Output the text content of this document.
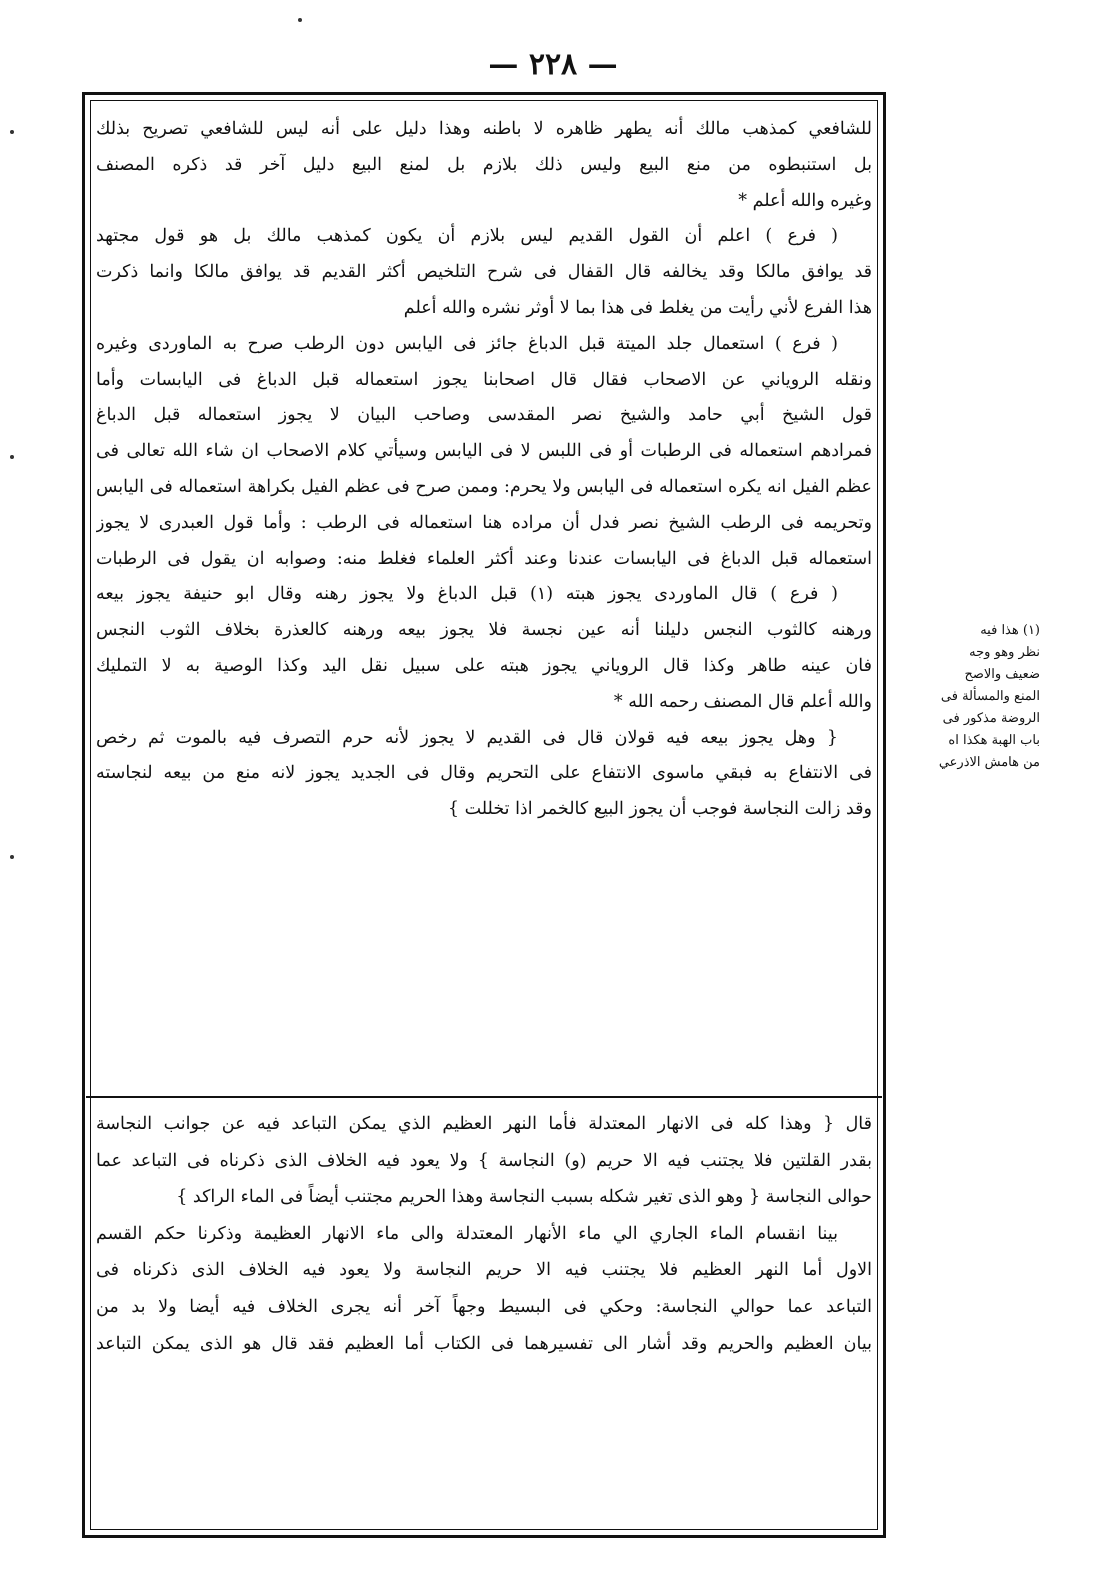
— ٢٢٨ —
للشافعي كمذهب مالك أنه يطهر ظاهره لا باطنه وهذا دليل على أنه ليس للشافعي تصريح بذلك
بل استنبطوه من منع البيع وليس ذلك بلازم بل لمنع البيع دليل آخر قد ذكره المصنف
وغيره والله أعلم *
( فرع ) اعلم أن القول القديم ليس بلازم أن يكون كمذهب مالك بل هو قول مجتهد
قد يوافق مالكا وقد يخالفه قال القفال فى شرح التلخيص أكثر القديم قد يوافق مالكا وانما ذكرت
هذا الفرع لأني رأيت من يغلط فى هذا بما لا أوثر نشره والله أعلم
( فرع ) استعمال جلد الميتة قبل الدباغ جائز فى اليابس دون الرطب صرح به الماوردى وغيره
ونقله الروياني عن الاصحاب فقال قال اصحابنا يجوز استعماله قبل الدباغ فى اليابسات وأما
قول الشيخ أبي حامد والشيخ نصر المقدسى وصاحب البيان لا يجوز استعماله قبل الدباغ
فمرادهم استعماله فى الرطبات أو فى اللبس لا فى اليابس وسيأتي كلام الاصحاب ان شاء الله تعالى فى
عظم الفيل انه يكره استعماله فى اليابس ولا يحرم: وممن صرح فى عظم الفيل بكراهة استعماله فى اليابس
وتحريمه فى الرطب الشيخ نصر فدل أن مراده هنا استعماله فى الرطب : وأما قول العبدرى لا يجوز
استعماله قبل الدباغ فى اليابسات عندنا وعند أكثر العلماء فغلط منه: وصوابه ان يقول فى الرطبات
( فرع ) قال الماوردى يجوز هبته (١) قبل الدباغ ولا يجوز رهنه وقال ابو حنيفة يجوز بيعه
ورهنه كالثوب النجس دليلنا أنه عين نجسة فلا يجوز بيعه ورهنه كالعذرة بخلاف الثوب النجس
فان عينه طاهر وكذا قال الروياني يجوز هبته على سبيل نقل اليد وكذا الوصية به لا التمليك
والله أعلم قال المصنف رحمه الله *
{ وهل يجوز بيعه فيه قولان قال فى القديم لا يجوز لأنه حرم التصرف فيه بالموت ثم رخص
فى الانتفاع به فبقي ماسوى الانتفاع على التحريم وقال فى الجديد يجوز لانه منع من بيعه لنجاسته
وقد زالت النجاسة فوجب أن يجوز البيع كالخمر اذا تخللت }
قال { وهذا كله فى الانهار المعتدلة فأما النهر العظيم الذي يمكن التباعد فيه عن جوانب النجاسة
بقدر القلتين فلا يجتنب فيه الا حريم (و) النجاسة } ولا يعود فيه الخلاف الذى ذكرناه فى التباعد عما
حوالى النجاسة { وهو الذى تغير شكله بسبب النجاسة وهذا الحريم مجتنب أيضاً فى الماء الراكد }
بينا انقسام الماء الجاري الي ماء الأنهار المعتدلة والى ماء الانهار العظيمة وذكرنا حكم القسم
الاول أما النهر العظيم فلا يجتنب فيه الا حريم النجاسة ولا يعود فيه الخلاف الذى ذكرناه فى
التباعد عما حوالي النجاسة: وحكي فى البسيط وجهاً آخر أنه يجرى الخلاف فيه أيضا ولا بد من
بيان العظيم والحريم وقد أشار الى تفسيرهما فى الكتاب أما العظيم فقد قال هو الذى يمكن التباعد
(١) هذا فيه
نظر وهو وجه
ضعيف والاصح
المنع والمسألة فى
الروضة مذكور فى
باب الهبة هكذا اه
من هامش الاذرعي
